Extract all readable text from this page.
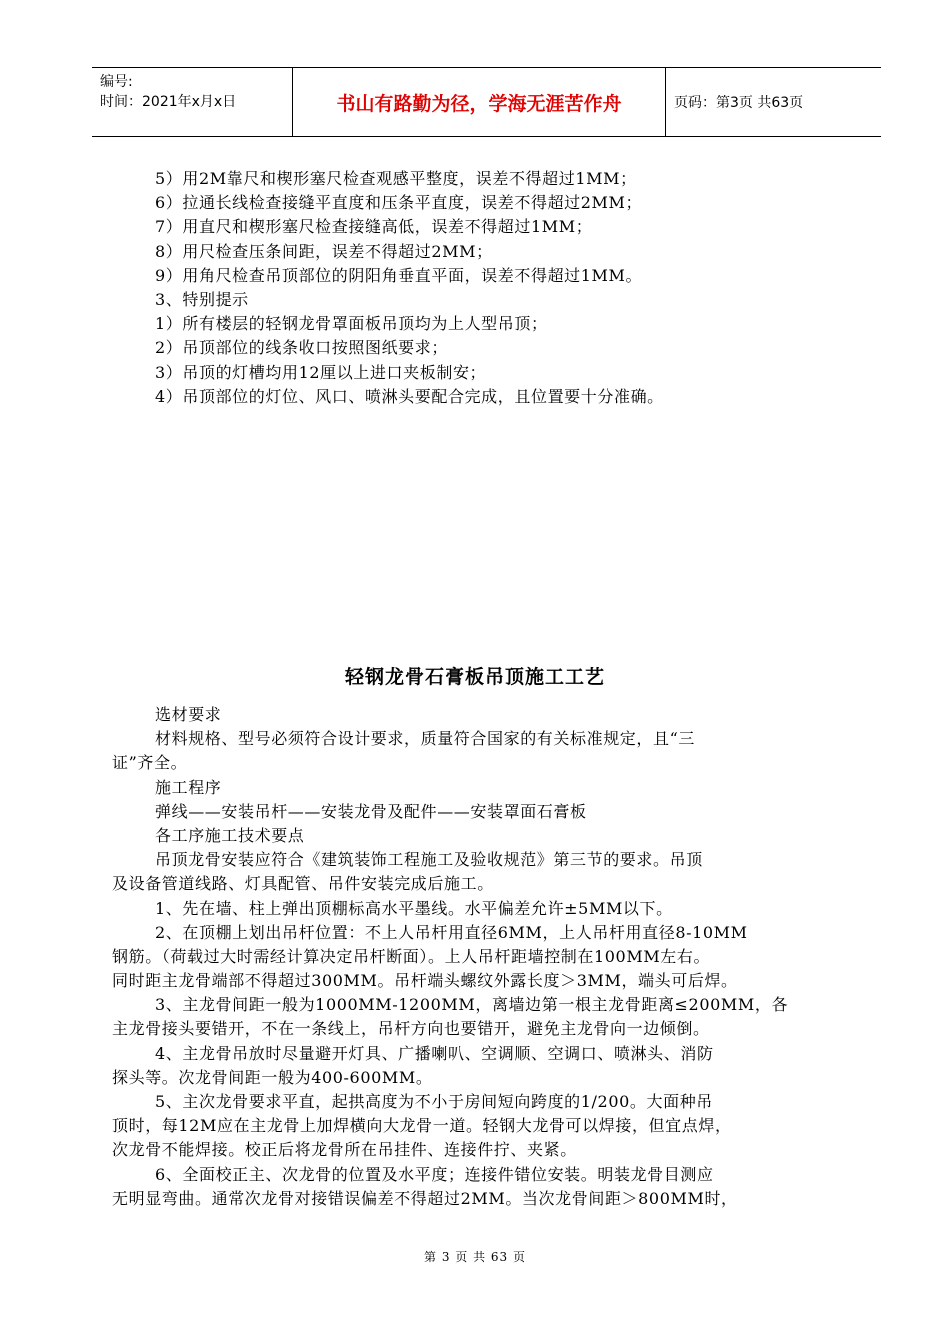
编号:
时间：2021年x月x日	书山有路勤为径，学海无涯苦作舟	页码：第3页 共63页
5）用2M靠尺和楔形塞尺检查观感平整度，误差不得超过1MM；
6）拉通长线检查接缝平直度和压条平直度，误差不得超过2MM；
7）用直尺和楔形塞尺检查接缝高低，误差不得超过1MM；
8）用尺检查压条间距，误差不得超过2MM；
9）用角尺检查吊顶部位的阴阳角垂直平面，误差不得超过1MM。
3、特别提示
1）所有楼层的轻钢龙骨罩面板吊顶均为上人型吊顶；
2）吊顶部位的线条收口按照图纸要求；
3）吊顶的灯槽均用12厘以上进口夹板制安；
4）吊顶部位的灯位、风口、喷淋头要配合完成，且位置要十分准确。
轻钢龙骨石膏板吊顶施工工艺
选材要求
材料规格、型号必须符合设计要求，质量符合国家的有关标准规定，且“三
证”齐全。
施工程序
弹线——安装吊杆——安装龙骨及配件——安装罩面石膏板
各工序施工技术要点
吊顶龙骨安装应符合《建筑装饰工程施工及验收规范》第三节的要求。吊顶
及设备管道线路、灯具配管、吊件安装完成后施工。
1、先在墙、柱上弹出顶棚标高水平墨线。水平偏差允许±5MM以下。
2、在顶棚上划出吊杆位置：不上人吊杆用直径6MM，上人吊杆用直径8-10MM
钢筋。（荷载过大时需经计算决定吊杆断面）。上人吊杆距墙控制在100MM左右。
同时距主龙骨端部不得超过300MM。吊杆端头螺纹外露长度＞3MM，端头可后焊。
3、主龙骨间距一般为1000MM-1200MM，离墙边第一根主龙骨距离≤200MM，各
主龙骨接头要错开，不在一条线上，吊杆方向也要错开，避免主龙骨向一边倾倒。
4、主龙骨吊放时尽量避开灯具、广播喇叭、空调顺、空调口、喷淋头、消防
探头等。次龙骨间距一般为400-600MM。
5、主次龙骨要求平直，起拱高度为不小于房间短向跨度的1/200。大面种吊
顶时，每12M应在主龙骨上加焊横向大龙骨一道。轻钢大龙骨可以焊接，但宜点焊，
次龙骨不能焊接。校正后将龙骨所在吊挂件、连接件拧、夹紧。
6、全面校正主、次龙骨的位置及水平度；连接件错位安装。明装龙骨目测应
无明显弯曲。通常次龙骨对接错误偏差不得超过2MM。当次龙骨间距＞800MM时，
第 3 页 共 63 页
